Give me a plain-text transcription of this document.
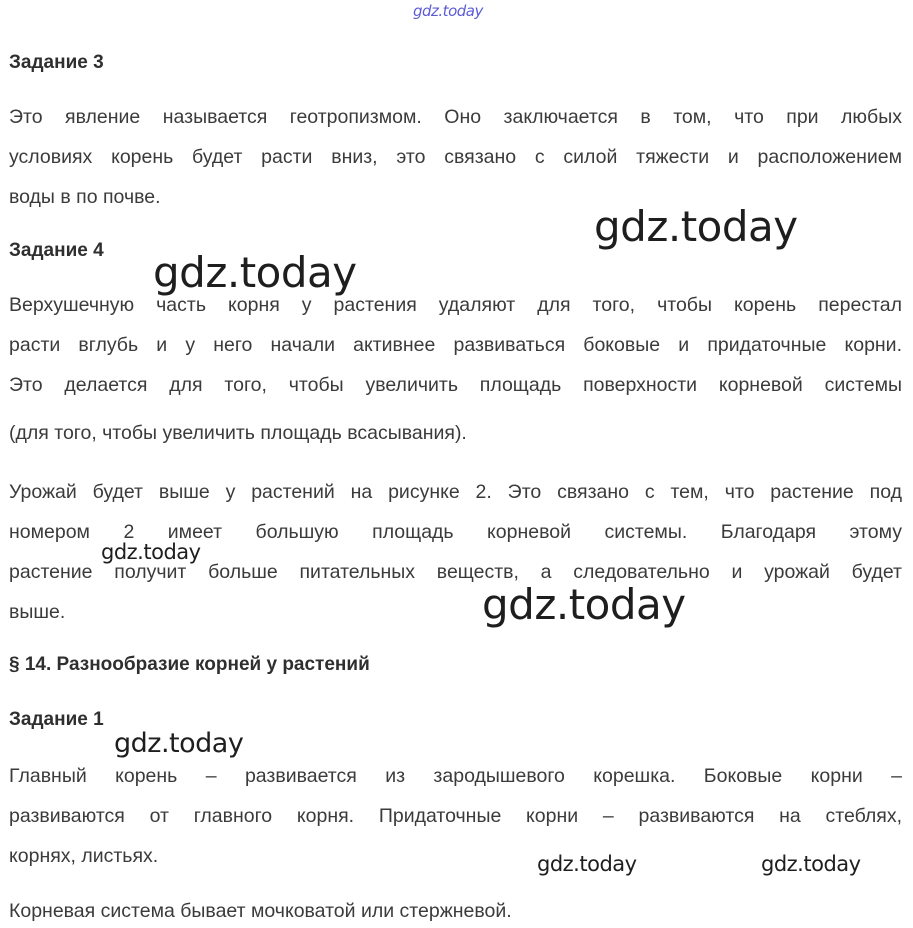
gdz.today
Задание 3

Это явление называется геотропизмом. Оно заключается в том, что при любых

условиях корень будет расти вниз, это связано с силой тяжести и расположением

воды в по почве.

gdz.today
Задание 4 gdz.today

Верхушечную часть корня у растения удаляют для того, чтобы корень перестал

расти вглубь и у него начали активнее развиваться боковые и придаточные корни.

Это делается для того, чтобы увеличить площадь поверхности корневой системы

(для того, чтобы увеличить площадь всасывания).

Урожай будет выше у растений на рисунке 2. Это связано с тем, что растение под

номером 2 имеет большую площадь корневой системы. Благодаря этому

gdz.today

растение получит больше питательных веществ, а следовательно и урожай будет

gdz.today

выше.

§ 14. Разнообразие корней у растений
Задание 1
gdz.today

Главный корень – развивается из зародышевого корешка. Боковые корни –

развиваются от главного корня. Придаточные корни – развиваются на стеблях,

корнях, листьях.	gdz.today	gdz.today

Корневая система бывает мочковатой или стержневой.
